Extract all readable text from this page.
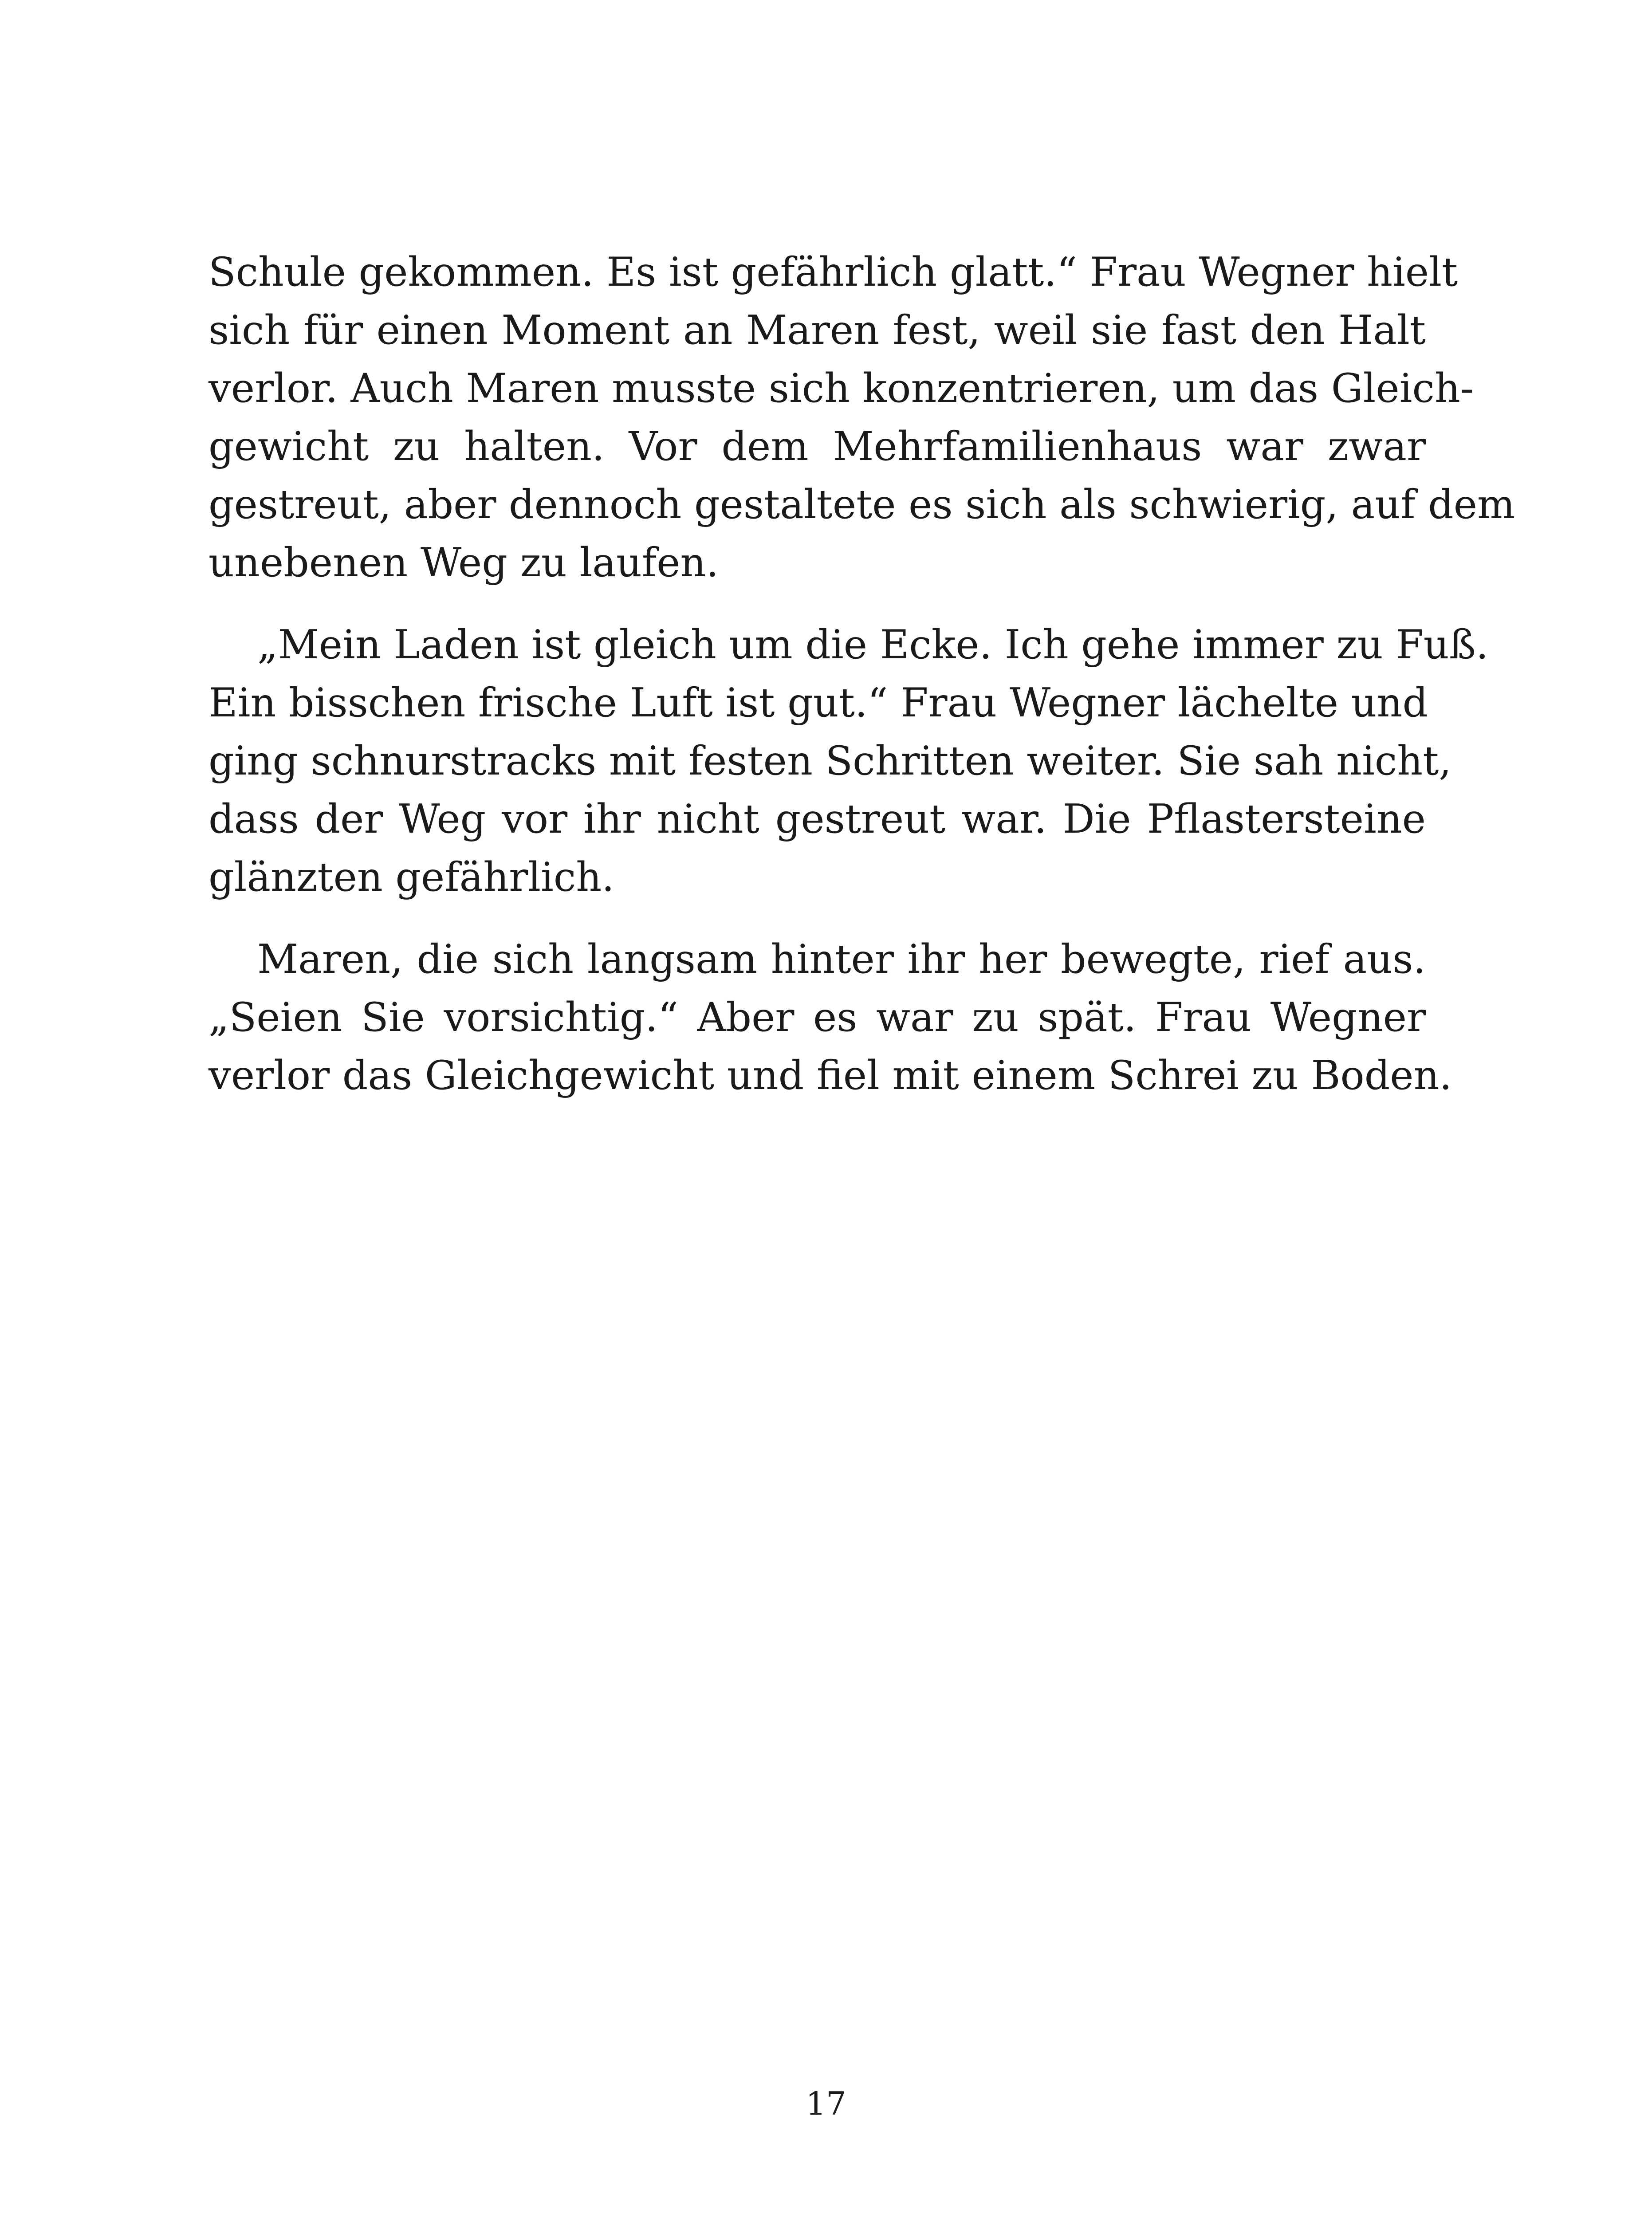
Schule gekommen. Es ist gefährlich glatt.“ Frau Wegner hielt
sich für einen Moment an Maren fest, weil sie fast den Halt
verlor. Auch Maren musste sich konzentrieren, um das Gleich-
gewicht zu halten. Vor dem Mehrfamilienhaus war zwar
gestreut, aber dennoch gestaltete es sich als schwierig, auf dem
unebenen Weg zu laufen.

„Mein Laden ist gleich um die Ecke. Ich gehe immer zu Fuß.
Ein bisschen frische Luft ist gut.“ Frau Wegner lächelte und
ging schnurstracks mit festen Schritten weiter. Sie sah nicht,
dass der Weg vor ihr nicht gestreut war. Die Pflastersteine
glänzten gefährlich.

Maren, die sich langsam hinter ihr her bewegte, rief aus.
„Seien Sie vorsichtig.“ Aber es war zu spät. Frau Wegner
verlor das Gleichgewicht und fiel mit einem Schrei zu Boden.

17
